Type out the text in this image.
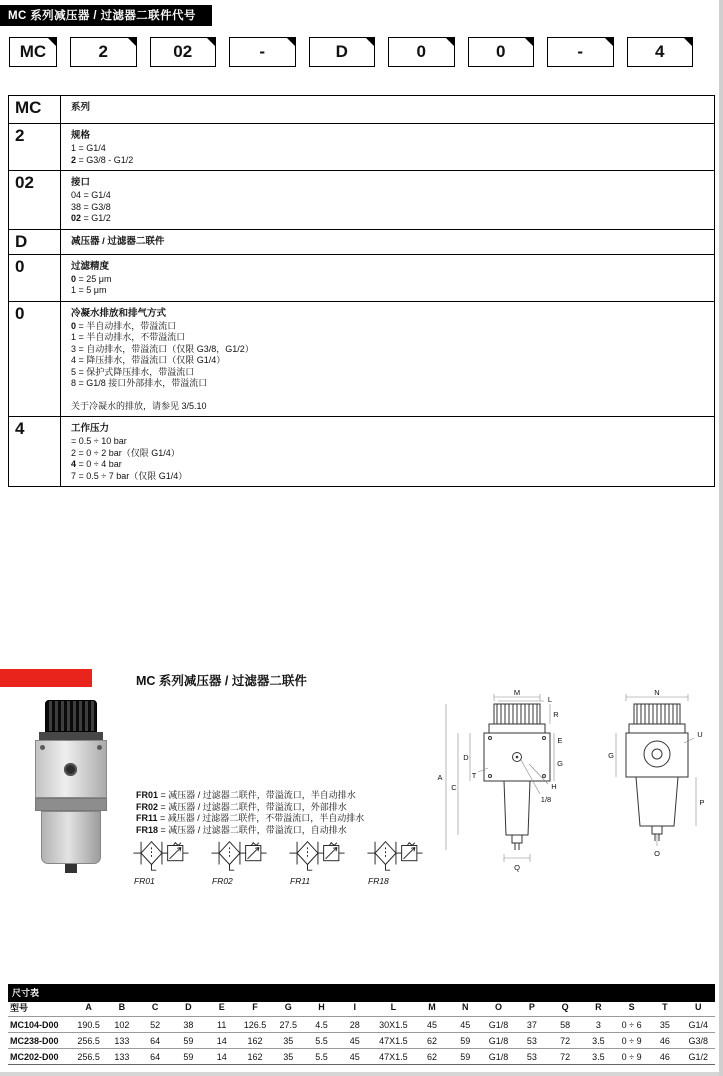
MC 系列减压器 / 过滤器二联件代号
MC	2	02	-	D	0	0	-	4
MC	系列
2	规格
1 = G1/4
2 = G3/8 - G1/2
02	接口
04 = G1/4
38 = G3/8
02 = G1/2
D	减压器 / 过滤器二联件
0	过滤精度
0 = 25 μm
1 = 5 μm
0	冷凝水排放和排气方式
0 = 半自动排水，带溢流口
1 = 半自动排水，不带溢流口
3 = 自动排水，带溢流口（仅限 G3/8，G1/2）
4 = 降压排水，带溢流口（仅限 G1/4）
5 = 保护式降压排水，带溢流口
8 = G1/8 接口外部排水，带溢流口
关于冷凝水的排放，请参见 3/5.10
4	工作压力
= 0.5 ÷ 10 bar
2 = 0 ÷ 2 bar（仅限 G1/4）
4 = 0 ÷ 4 bar
7 = 0.5 ÷ 7 bar（仅限 G1/4）
MC 系列减压器 / 过滤器二联件
FR01 = 减压器 / 过滤器二联件，带溢流口，半自动排水
FR02 = 减压器 / 过滤器二联件，带溢流口，外部排水
FR11 = 减压器 / 过滤器二联件，不带溢流口，半自动排水
FR18 = 减压器 / 过滤器二联件，带溢流口，自动排水
FR01	FR02	FR11	FR18
M
L
R
E
G
A
C
D
T
H
1/8
Q
N
U
G
P
O
尺寸表
型号	A	B	C	D	E	F	G	H	I	L	M	N	O	P	Q	R	S	T	U
MC104-D00	190.5	102	52	38	11	126.5	27.5	4.5	28	30X1.5	45	45	G1/8	37	58	3	0 ÷ 6	35	G1/4
MC238-D00	256.5	133	64	59	14	162	35	5.5	45	47X1.5	62	59	G1/8	53	72	3.5	0 ÷ 9	46	G3/8
MC202-D00	256.5	133	64	59	14	162	35	5.5	45	47X1.5	62	59	G1/8	53	72	3.5	0 ÷ 9	46	G1/2
